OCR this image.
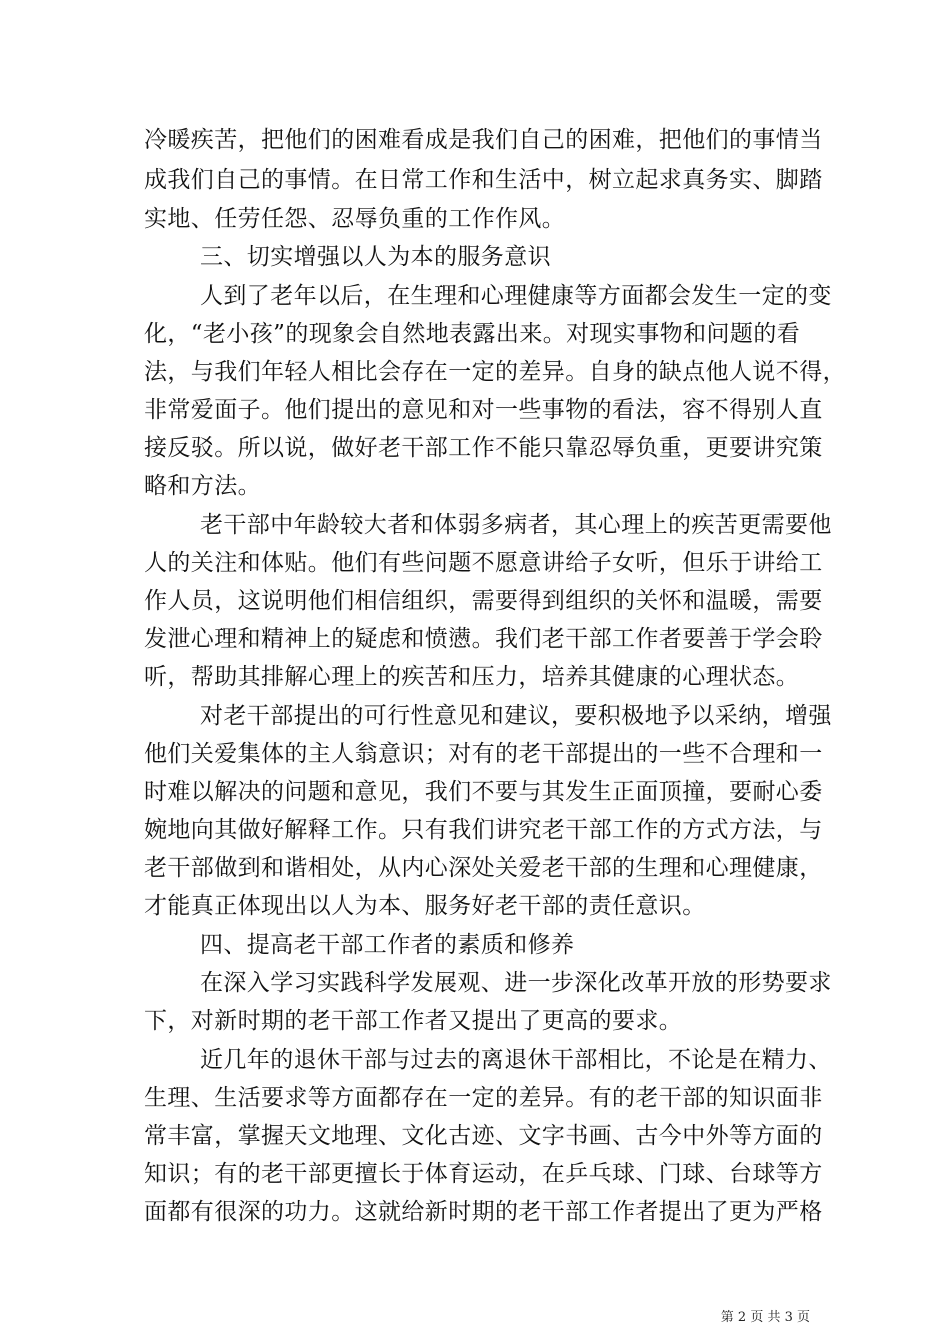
冷暖疾苦，把他们的困难看成是我们自己的困难，把他们的事情当
成我们自己的事情。在日常工作和生活中，树立起求真务实、脚踏
实地、任劳任怨、忍辱负重的工作作风。
三、切实增强以人为本的服务意识
人到了老年以后，在生理和心理健康等方面都会发生一定的变
化，“老小孩”的现象会自然地表露出来。对现实事物和问题的看
法，与我们年轻人相比会存在一定的差异。自身的缺点他人说不得，
非常爱面子。他们提出的意见和对一些事物的看法，容不得别人直
接反驳。所以说，做好老干部工作不能只靠忍辱负重，更要讲究策
略和方法。
老干部中年龄较大者和体弱多病者，其心理上的疾苦更需要他
人的关注和体贴。他们有些问题不愿意讲给子女听，但乐于讲给工
作人员，这说明他们相信组织，需要得到组织的关怀和温暖，需要
发泄心理和精神上的疑虑和愤懑。我们老干部工作者要善于学会聆
听，帮助其排解心理上的疾苦和压力，培养其健康的心理状态。
对老干部提出的可行性意见和建议，要积极地予以采纳，增强
他们关爱集体的主人翁意识；对有的老干部提出的一些不合理和一
时难以解决的问题和意见，我们不要与其发生正面顶撞，要耐心委
婉地向其做好解释工作。只有我们讲究老干部工作的方式方法，与
老干部做到和谐相处，从内心深处关爱老干部的生理和心理健康，
才能真正体现出以人为本、服务好老干部的责任意识。
四、提高老干部工作者的素质和修养
在深入学习实践科学发展观、进一步深化改革开放的形势要求
下，对新时期的老干部工作者又提出了更高的要求。
近几年的退休干部与过去的离退休干部相比，不论是在精力、
生理、生活要求等方面都存在一定的差异。有的老干部的知识面非
常丰富，掌握天文地理、文化古迹、文字书画、古今中外等方面的
知识；有的老干部更擅长于体育运动，在乒乓球、门球、台球等方
面都有很深的功力。这就给新时期的老干部工作者提出了更为严格
第 2 页 共 3 页
